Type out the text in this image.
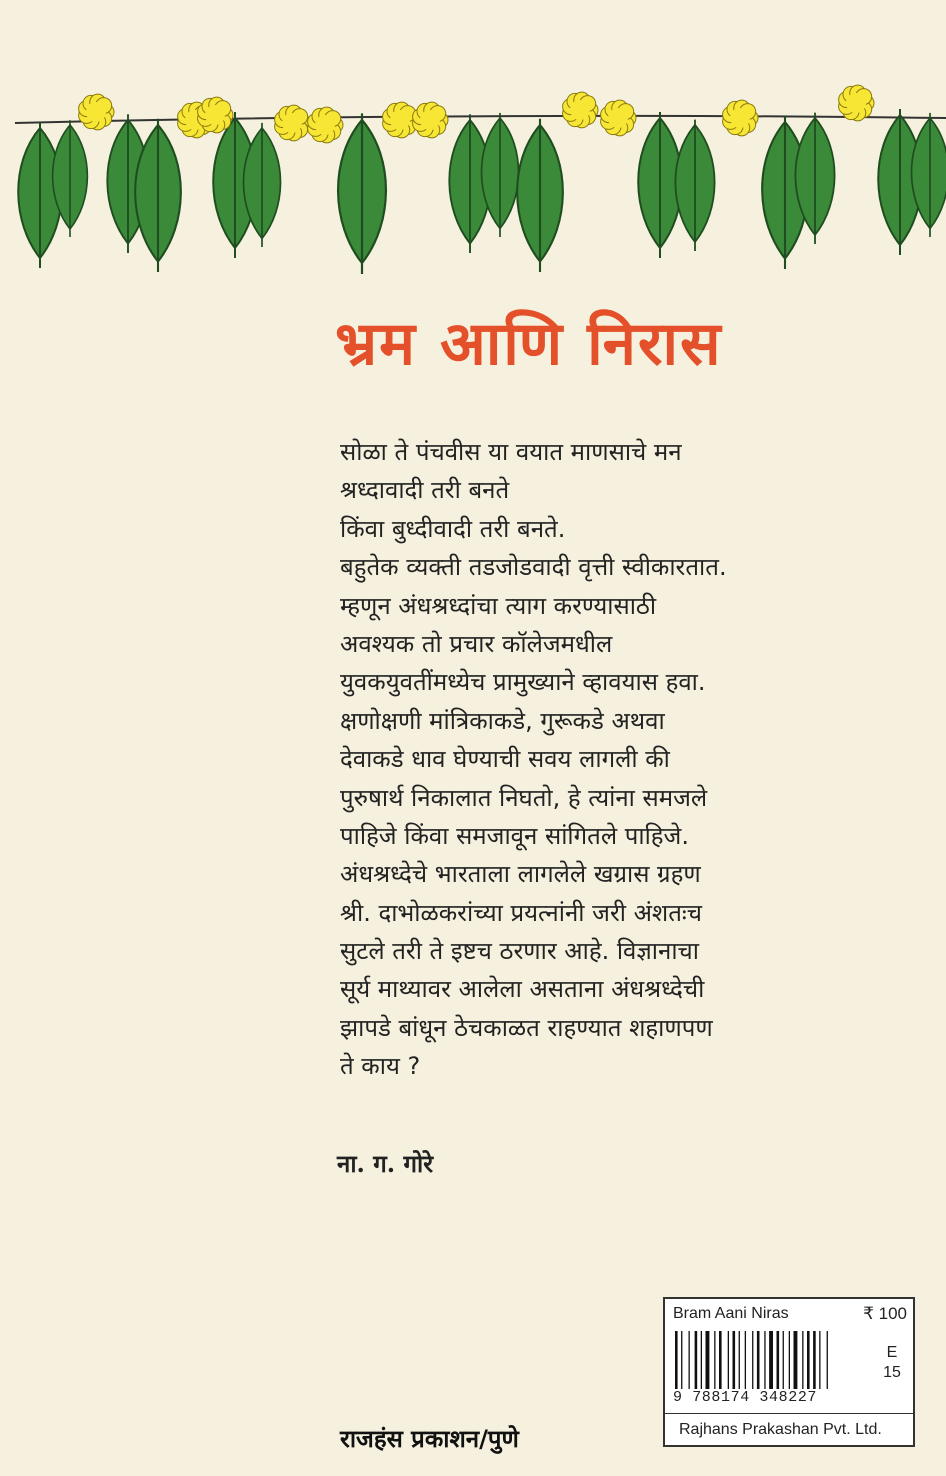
भ्रम आणि निरास
सोळा ते पंचवीस या वयात माणसाचे मन
श्रध्दावादी तरी बनते
किंवा बुध्दीवादी तरी बनते.
बहुतेक व्यक्ती तडजोडवादी वृत्ती स्वीकारतात.
म्हणून अंधश्रध्दांचा त्याग करण्यासाठी
अवश्यक तो प्रचार कॉलेजमधील
युवकयुवतींमध्येच प्रामुख्याने व्हावयास हवा.
क्षणोक्षणी मांत्रिकाकडे, गुरूकडे अथवा
देवाकडे धाव घेण्याची सवय लागली की
पुरुषार्थ निकालात निघतो, हे त्यांना समजले
पाहिजे किंवा समजावून सांगितले पाहिजे.
अंधश्रध्देचे भारताला लागलेले खग्रास ग्रहण
श्री. दाभोळकरांच्या प्रयत्नांनी जरी अंशतःच
सुटले तरी ते इष्टच ठरणार आहे. विज्ञानाचा
सूर्य माथ्यावर आलेला असताना अंधश्रध्देची
झापडे बांधून ठेचकाळत राहण्यात शहाणपण
ते काय ?
ना. ग. गोरे
राजहंस प्रकाशन/पुणे
Bram Aani Niras	₹ 100
9 788174 348227
E
15
Rajhans Prakashan Pvt. Ltd.
